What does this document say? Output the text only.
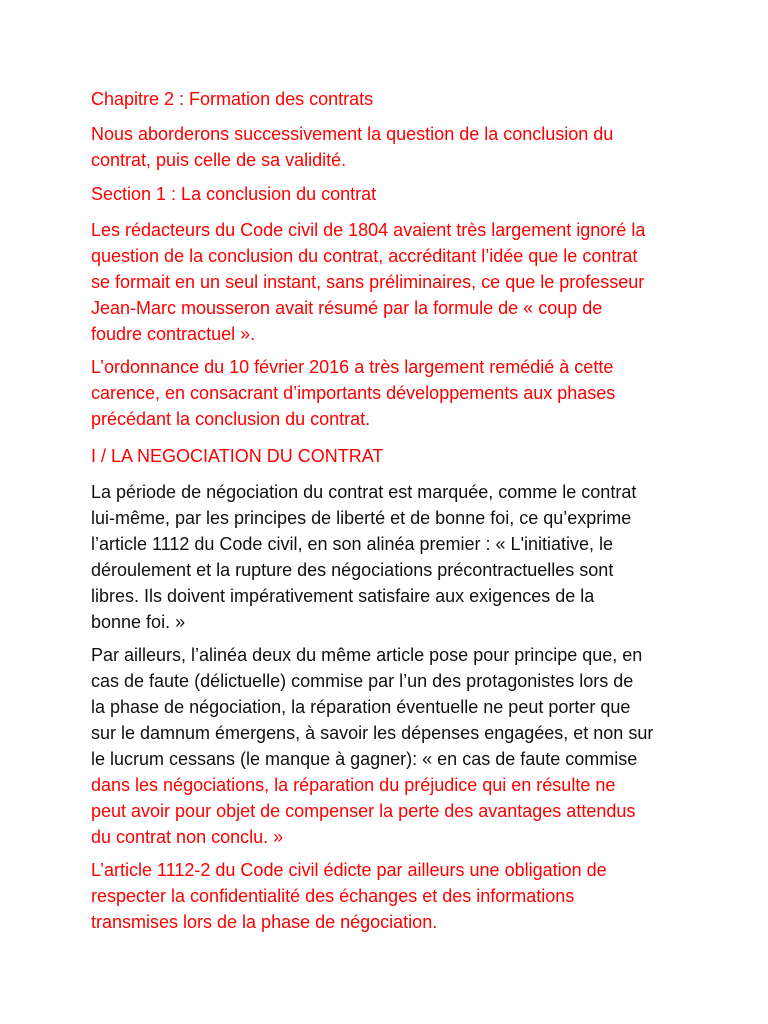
Chapitre 2 : Formation des contrats

Nous aborderons successivement la question de la conclusion du
contrat, puis celle de sa validité.

Section 1 : La conclusion du contrat

Les rédacteurs du Code civil de 1804 avaient très largement ignoré la
question de la conclusion du contrat, accréditant l’idée que le contrat
se formait en un seul instant, sans préliminaires, ce que le professeur
Jean-Marc mousseron avait résumé par la formule de « coup de
foudre contractuel ».

L’ordonnance du 10 février 2016 a très largement remédié à cette
carence, en consacrant d’importants développements aux phases
précédant la conclusion du contrat.

I / LA NEGOCIATION DU CONTRAT

La période de négociation du contrat est marquée, comme le contrat
lui-même, par les principes de liberté et de bonne foi, ce qu’exprime
l’article 1112 du Code civil, en son alinéa premier : « L'initiative, le
déroulement et la rupture des négociations précontractuelles sont
libres. Ils doivent impérativement satisfaire aux exigences de la
bonne foi. »

Par ailleurs, l’alinéa deux du même article pose pour principe que, en
cas de faute (délictuelle) commise par l’un des protagonistes lors de
la phase de négociation, la réparation éventuelle ne peut porter que
sur le damnum émergens, à savoir les dépenses engagées, et non sur
le lucrum cessans (le manque à gagner): « en cas de faute commise

dans les négociations, la réparation du préjudice qui en résulte ne
peut avoir pour objet de compenser la perte des avantages attendus
du contrat non conclu. »

L’article 1112-2 du Code civil édicte par ailleurs une obligation de
respecter la confidentialité des échanges et des informations
transmises lors de la phase de négociation.
